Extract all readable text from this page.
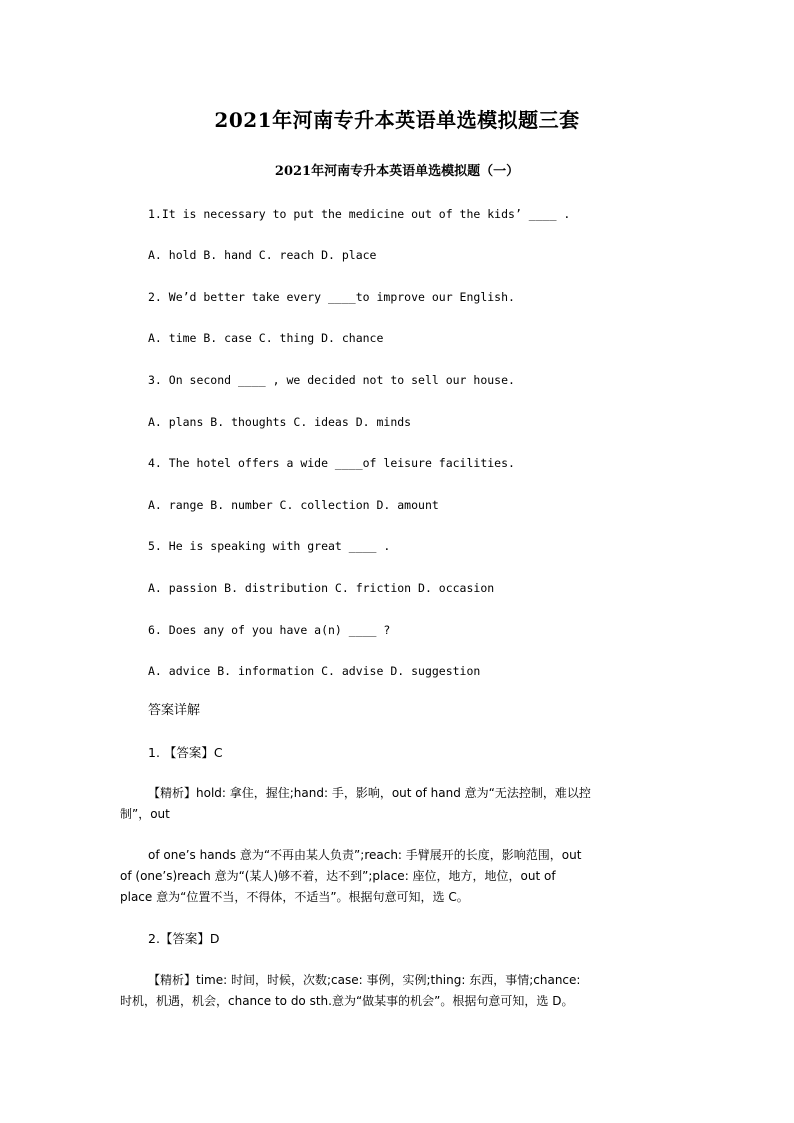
2021年河南专升本英语单选模拟题三套
2021年河南专升本英语单选模拟题（一）
1.It is necessary to put the medicine out of the kids’ ____ .
A. hold B. hand C. reach D. place
2. We’d better take every ____to improve our English.
A. time B. case C. thing D. chance
3. On second ____ , we decided not to sell our house.
A. plans B. thoughts C. ideas D. minds
4. The hotel offers a wide ____of leisure facilities.
A. range B. number C. collection D. amount
5. He is speaking with great ____ .
A. passion B. distribution C. friction D. occasion
6. Does any of you have a(n) ____ ?
A. advice B. information C. advise D. suggestion
答案详解
1. 【答案】C
【精析】hold: 拿住，握住;hand: 手，影响，out of hand 意为“无法控制，难以控
制”，out
of one’s hands 意为“不再由某人负责”;reach: 手臂展开的长度，影响范围，out
of (one’s)reach 意为“(某人)够不着，达不到”;place: 座位，地方，地位，out of
place 意为“位置不当，不得体，不适当”。根据句意可知，选 C。
2.【答案】D
【精析】time: 时间，时候，次数;case: 事例，实例;thing: 东西，事情;chance:
时机，机遇，机会，chance to do sth.意为“做某事的机会”。根据句意可知，选 D。
